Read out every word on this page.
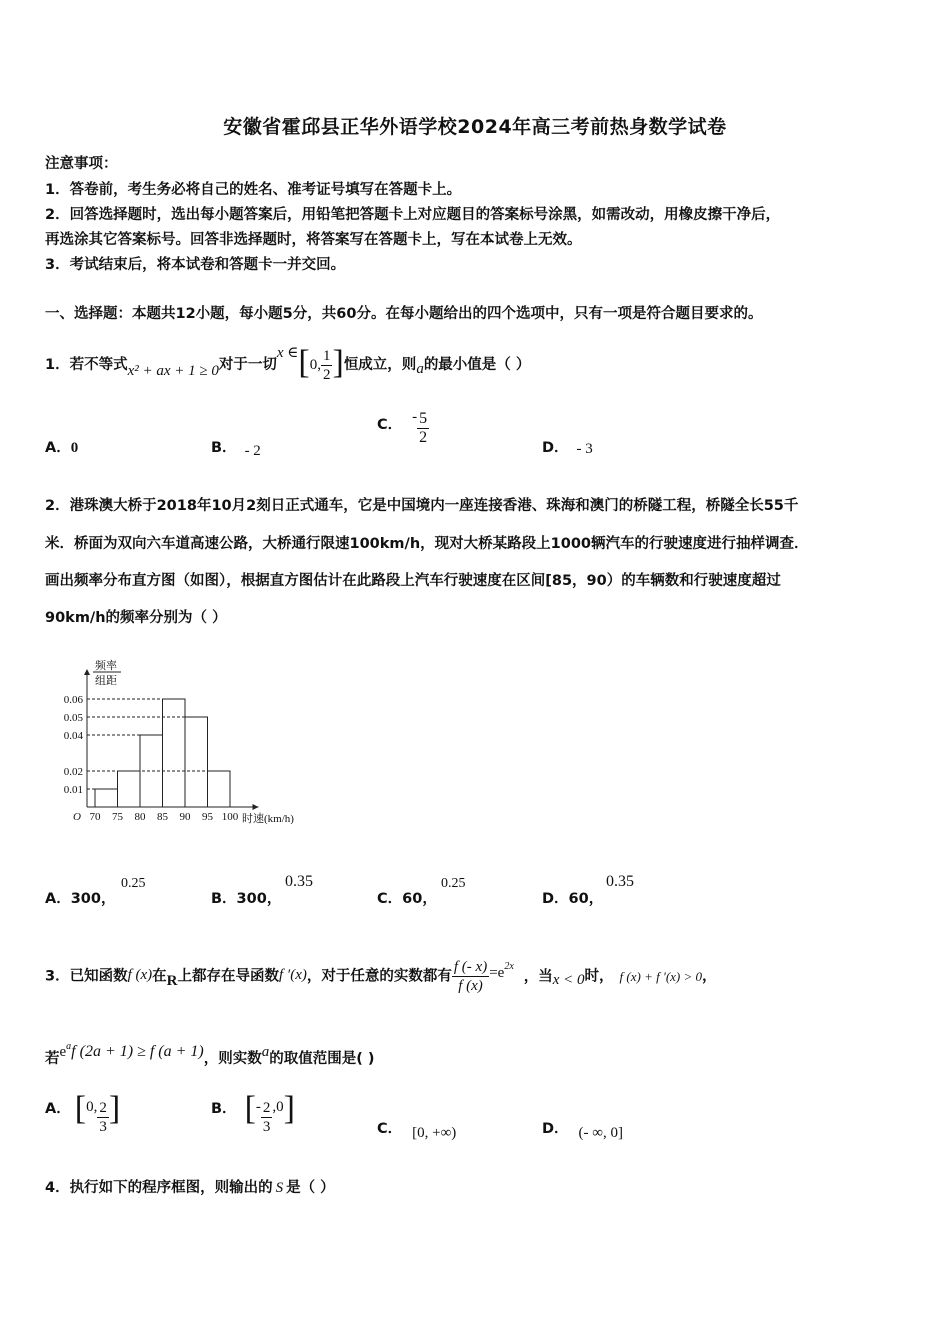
安徽省霍邱县正华外语学校2024年高三考前热身数学试卷
注意事项：
1．答卷前，考生务必将自己的姓名、准考证号填写在答题卡上。
2．回答选择题时，选出每小题答案后，用铅笔把答题卡上对应题目的答案标号涂黑，如需改动，用橡皮擦干净后，
再选涂其它答案标号。回答非选择题时，将答案写在答题卡上，写在本试卷上无效。
3．考试结束后，将本试卷和答题卡一并交回。
一、选择题：本题共12小题，每小题5分，共60分。在每小题给出的四个选项中，只有一项是符合题目要求的。
1．若不等式x² + ax + 1 ≥ 0对于一切x ∈[0, $\frac{1}{2}$ ]恒成立，则a的最小值是（ ）
A．0	B． - 2
C． - $\frac{5}{2}$
D． - 3
2．港珠澳大桥于2018年10月2刻日正式通车，它是中国境内一座连接香港、珠海和澳门的桥隧工程，桥隧全长55千
米．桥面为双向六车道高速公路，大桥通行限速100km/h，现对大桥某路段上1000辆汽车的行驶速度进行抽样调查．
画出频率分布直方图（如图），根据直方图估计在此路段上汽车行驶速度在区间[85，90）的车辆数和行驶速度超过
90km/h的频率分别为（ ）
0.01
0.02
0.04
0.05
0.06
70 75 80 85 90 95 100
O
频率
组距
时速(km/h)
A．300，
0.25
B．300，
0.35
C．60，
0.25
D．60，
0.35
3．已知函数f (x)在R上都存在导函数f ′(x)，对于任意的实数都有 $\frac{f (- x)}{f (x)} =e^{2x}$，当x < 0时， f (x) + f ′(x) > 0，
若$e^af$ (2a + 1) ≥ f (a + 1)，则实数a的取值范围是( )
A． [0, $\frac{2}{3}$ ]	B． [- $\frac{2}{3} ,0$]
C． [0, +∞)	D． (- ∞, 0]
4．执行如下的程序框图，则输出的 S 是（ ）
